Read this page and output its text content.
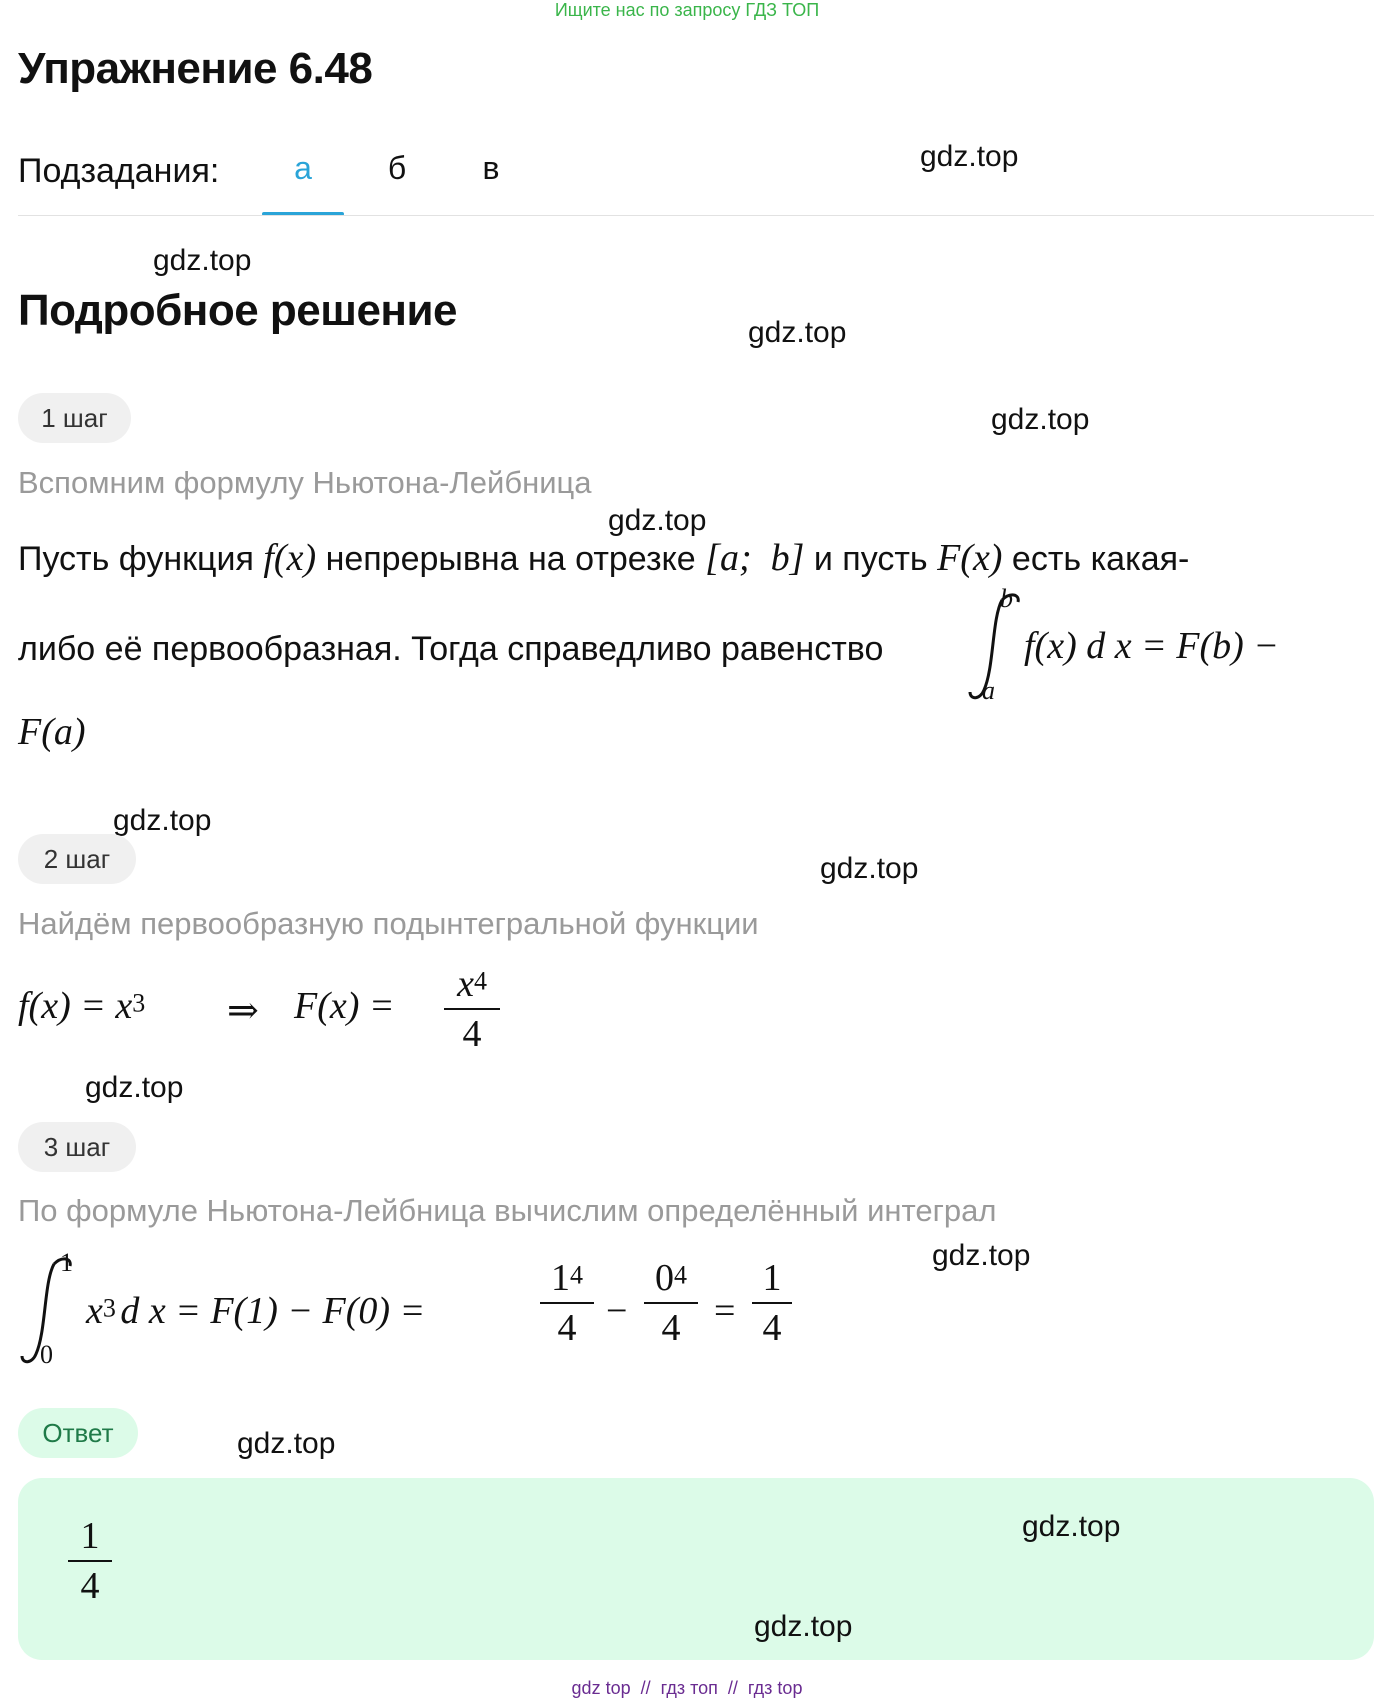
Ищите нас по запросу ГДЗ ТОП
Упражнение 6.48
Подзадания:	а	б	в
Подробное решение
gdz.top
gdz.top
gdz.top
gdz.top
gdz.top
gdz.top
gdz.top
gdz.top
gdz.top
gdz.top
1 шаг
Вспомним формулу Ньютона-Лейбница
Пусть функция f(x) непрерывна на отрезке [a;  b] и пусть F(x) есть какая-
либо её первообразная. Тогда справедливо равенство
b
a
f(x) d x = F(b) −
F(a)
2 шаг
Найдём первообразную подынтегральной функции
$f(x) = x^3$ ⇒ F(x) =
$x^4$
4
3 шаг
По формуле Ньютона-Лейбница вычислим определённый интеграл
1
0
$x^3$ d x = F(1) − F(0) =
$1^4$
4 −
$0^4$
4 =
1
4
Ответ
1
4
gdz.top
gdz.top
gdz top  //  гдз топ  //  гдз top
